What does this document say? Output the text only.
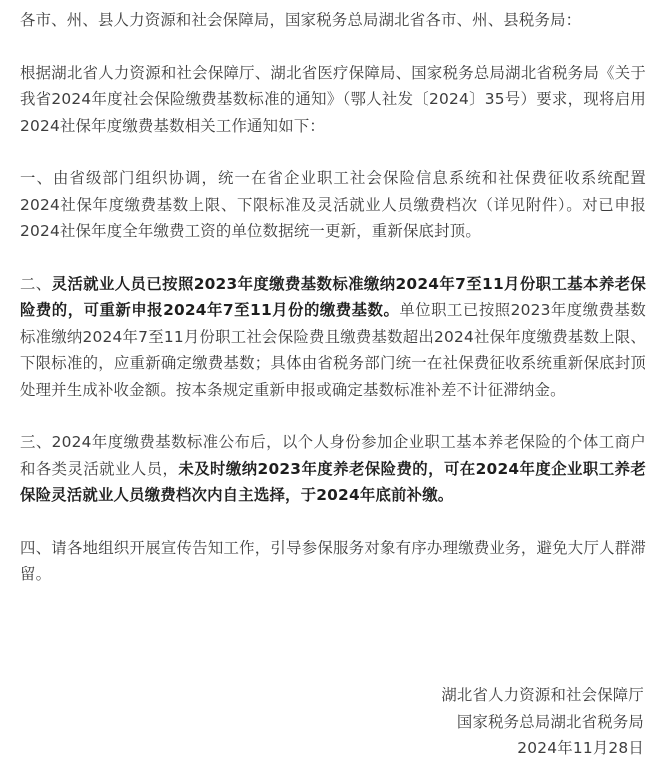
各市、州、县人力资源和社会保障局，国家税务总局湖北省各市、州、县税务局：

根据湖北省人力资源和社会保障厅、湖北省医疗保障局、国家税务总局湖北省税务局《关于我省2024年度社会保险缴费基数标准的通知》（鄂人社发〔2024〕35号）要求，现将启用2024社保年度缴费基数相关工作通知如下：

一、由省级部门组织协调，统一在省企业职工社会保险信息系统和社保费征收系统配置2024社保年度缴费基数上限、下限标准及灵活就业人员缴费档次（详见附件）。对已申报2024社保年度全年缴费工资的单位数据统一更新，重新保底封顶。

二、灵活就业人员已按照2023年度缴费基数标准缴纳2024年7至11月份职工基本养老保险费的，可重新申报2024年7至11月份的缴费基数。单位职工已按照2023年度缴费基数标准缴纳2024年7至11月份职工社会保险费且缴费基数超出2024社保年度缴费基数上限、下限标准的，应重新确定缴费基数；具体由省税务部门统一在社保费征收系统重新保底封顶处理并生成补收金额。按本条规定重新申报或确定基数标准补差不计征滞纳金。

三、2024年度缴费基数标准公布后，以个人身份参加企业职工基本养老保险的个体工商户和各类灵活就业人员，未及时缴纳2023年度养老保险费的，可在2024年度企业职工养老保险灵活就业人员缴费档次内自主选择，于2024年底前补缴。

四、请各地组织开展宣传告知工作，引导参保服务对象有序办理缴费业务，避免大厅人群滞留。

湖北省人力资源和社会保障厅
国家税务总局湖北省税务局
2024年11月28日
